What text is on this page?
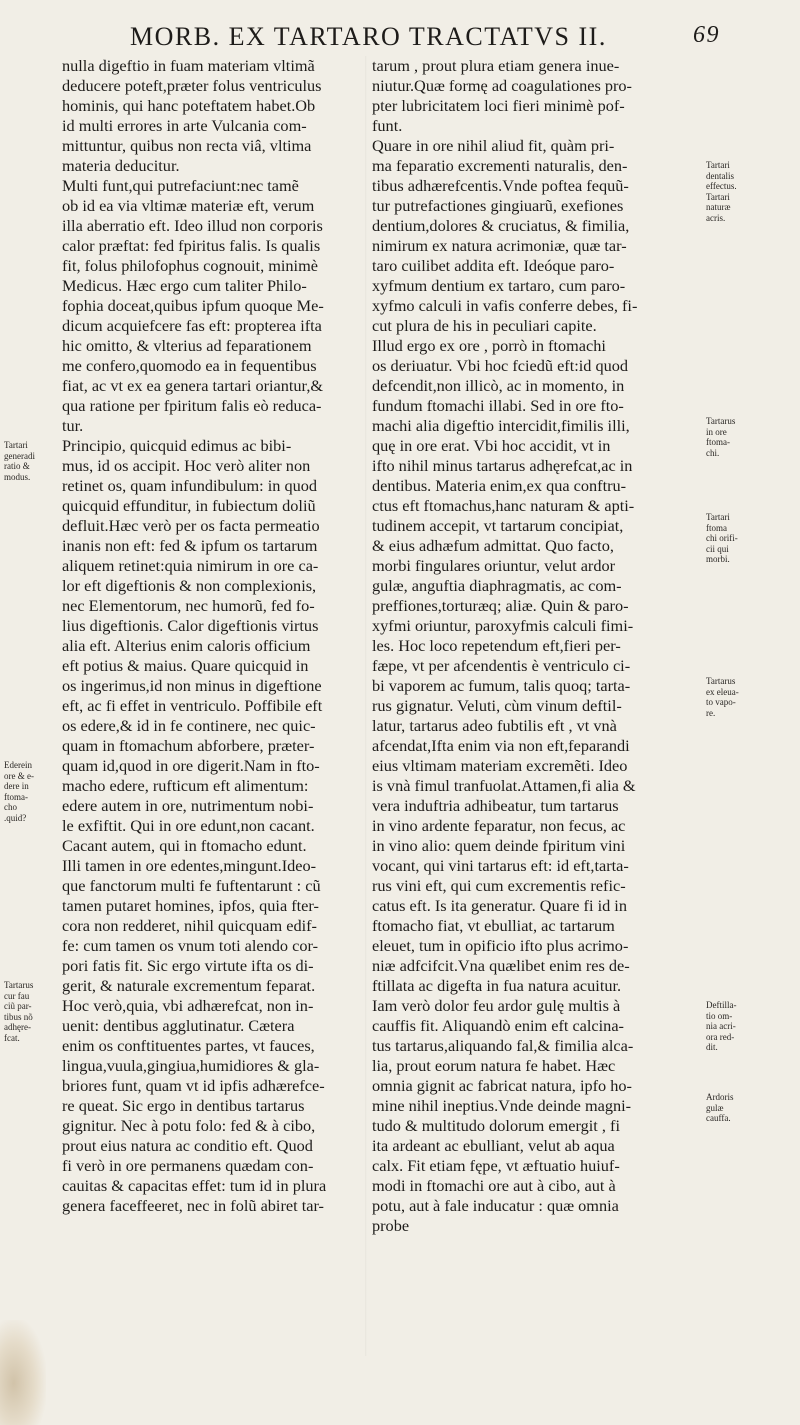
MORB. EX TARTARO TRACTATVS II.	69
nulla digeftio in fuam materiam vltimã
deducere poteft,præter folus ventriculus
hominis, qui hanc poteftatem habet.Ob
id multi errores in arte Vulcania com-
mittuntur, quibus non recta viâ, vltima
materia deducitur.
Multi funt,qui putrefaciunt:nec tamẽ
ob id ea via vltimæ materiæ eft, verum
illa aberratio eft. Ideo illud non corporis
calor præftat: fed fpiritus falis. Is qualis
fit, folus philofophus cognouit, minimè
Medicus. Hæc ergo cum taliter Philo-
fophia doceat,quibus ipfum quoque Me-
dicum acquiefcere fas eft: propterea ifta
hic omitto, & vlterius ad feparationem
me confero,quomodo ea in fequentibus
fiat, ac vt ex ea genera tartari oriantur,&
qua ratione per fpiritum falis eò reduca-
tur.
Principio, quicquid edimus ac bibi-
mus, id os accipit. Hoc verò aliter non
retinet os, quam infundibulum: in quod
quicquid effunditur, in fubiectum doliũ
defluit.Hæc verò per os facta permeatio
inanis non eft: fed & ipfum os tartarum
aliquem retinet:quia nimirum in ore ca-
lor eft digeftionis & non complexionis,
nec Elementorum, nec humorũ, fed fo-
lius digeftionis. Calor digeftionis virtus
alia eft. Alterius enim caloris officium
eft potius & maius. Quare quicquid in
os ingerimus,id non minus in digeftione
eft, ac fi effet in ventriculo. Poffibile eft
os edere,& id in fe continere, nec quic-
quam in ftomachum abforbere, præter-
quam id,quod in ore digerit.Nam in fto-
macho edere, rufticum eft alimentum:
edere autem in ore, nutrimentum nobi-
le exfiftit. Qui in ore edunt,non cacant.
Cacant autem, qui in ftomacho edunt.
Illi tamen in ore edentes,mingunt.Ideo-
que fanctorum multi fe fuftentarunt : cũ
tamen putaret homines, ipfos, quia fter-
cora non redderet, nihil quicquam edif-
fe: cum tamen os vnum toti alendo cor-
pori fatis fit. Sic ergo virtute ifta os di-
gerit, & naturale excrementum feparat.
Hoc verò,quia, vbi adhærefcat, non in-
uenit: dentibus agglutinatur. Cætera
enim os conftituentes partes, vt fauces,
lingua,vuula,gingiua,humidiores & gla-
briores funt, quam vt id ipfis adhærefce-
re queat. Sic ergo in dentibus tartarus
gignitur. Nec à potu folo: fed & à cibo,
prout eius natura ac conditio eft. Quod
fi verò in ore permanens quædam con-
cauitas & capacitas effet: tum id in plura
genera faceffeeret, nec in folũ abiret tar-
tarum , prout plura etiam genera inue-
niutur.Quæ formę ad coagulationes pro-
pter lubricitatem loci fieri minimè pof-
funt.
Quare in ore nihil aliud fit, quàm pri-
ma feparatio excrementi naturalis, den-
tibus adhærefcentis.Vnde poftea fequũ-
tur putrefactiones gingiuarũ, exefiones
dentium,dolores & cruciatus, & fimilia,
nimirum ex natura acrimoniæ, quæ tar-
taro cuilibet addita eft. Ideóque paro-
xyfmum dentium ex tartaro, cum paro-
xyfmo calculi in vafis conferre debes, fi-
cut plura de his in peculiari capite.
Illud ergo ex ore , porrò in ftomachi
os deriuatur. Vbi hoc fciedũ eft:id quod
defcendit,non illicò, ac in momento, in
fundum ftomachi illabi. Sed in ore fto-
machi alia digeftio intercidit,fimilis illi,
quę in ore erat. Vbi hoc accidit, vt in
ifto nihil minus tartarus adhęrefcat,ac in
dentibus. Materia enim,ex qua conftru-
ctus eft ftomachus,hanc naturam & apti-
tudinem accepit, vt tartarum concipiat,
& eius adhæfum admittat. Quo facto,
morbi fingulares oriuntur, velut ardor
gulæ, anguftia diaphragmatis, ac com-
preffiones,torturæq; aliæ. Quin & paro-
xyfmi oriuntur, paroxyfmis calculi fimi-
les. Hoc loco repetendum eft,fieri per-
fæpe, vt per afcendentis è ventriculo ci-
bi vaporem ac fumum, talis quoq; tarta-
rus gignatur. Veluti, cùm vinum deftil-
latur, tartarus adeo fubtilis eft , vt vnà
afcendat,Ifta enim via non eft,feparandi
eius vltimam materiam excremẽti. Ideo
is vnà fimul tranfuolat.Attamen,fi alia &
vera induftria adhibeatur, tum tartarus
in vino ardente feparatur, non fecus, ac
in vino alio: quem deinde fpiritum vini
vocant, qui vini tartarus eft: id eft,tarta-
rus vini eft, qui cum excrementis refic-
catus eft. Is ita generatur. Quare fi id in
ftomacho fiat, vt ebulliat, ac tartarum
eleuet, tum in opificio ifto plus acrimo-
niæ adfcifcit.Vna quælibet enim res de-
ftillata ac digefta in fua natura acuitur.
Iam verò dolor feu ardor gulę multis à
cauffis fit. Aliquandò enim eft calcina-
tus tartarus,aliquando fal,& fimilia alca-
lia, prout eorum natura fe habet. Hæc
omnia gignit ac fabricat natura, ipfo ho-
mine nihil ineptius.Vnde deinde magni-
tudo & multitudo dolorum emergit , fi
ita ardeant ac ebulliant, velut ab aqua
calx. Fit etiam fępe, vt æftuatio huiuf-
modi in ftomachi ore aut à cibo, aut à
potu, aut à fale inducatur : quæ omnia
probe
Tartari
generadi
ratio &
modus.
Ederein
ore & e-
dere in
ftoma-
cho
.quid?
Tartarus
cur fau
ciũ par-
tibus nõ
adhęre-
fcat.
Tartari
dentalis
effectus.
Tartari
naturæ
acris.
Tartarus
in ore
ftoma-
chi.
Tartari
ftoma
chi orifi-
cii qui
morbi.
Tartarus
ex eleua-
to vapo-
re.
Deftilla-
tio om-
nia acri-
ora red-
dit.
Ardoris
gulæ
cauffa.
